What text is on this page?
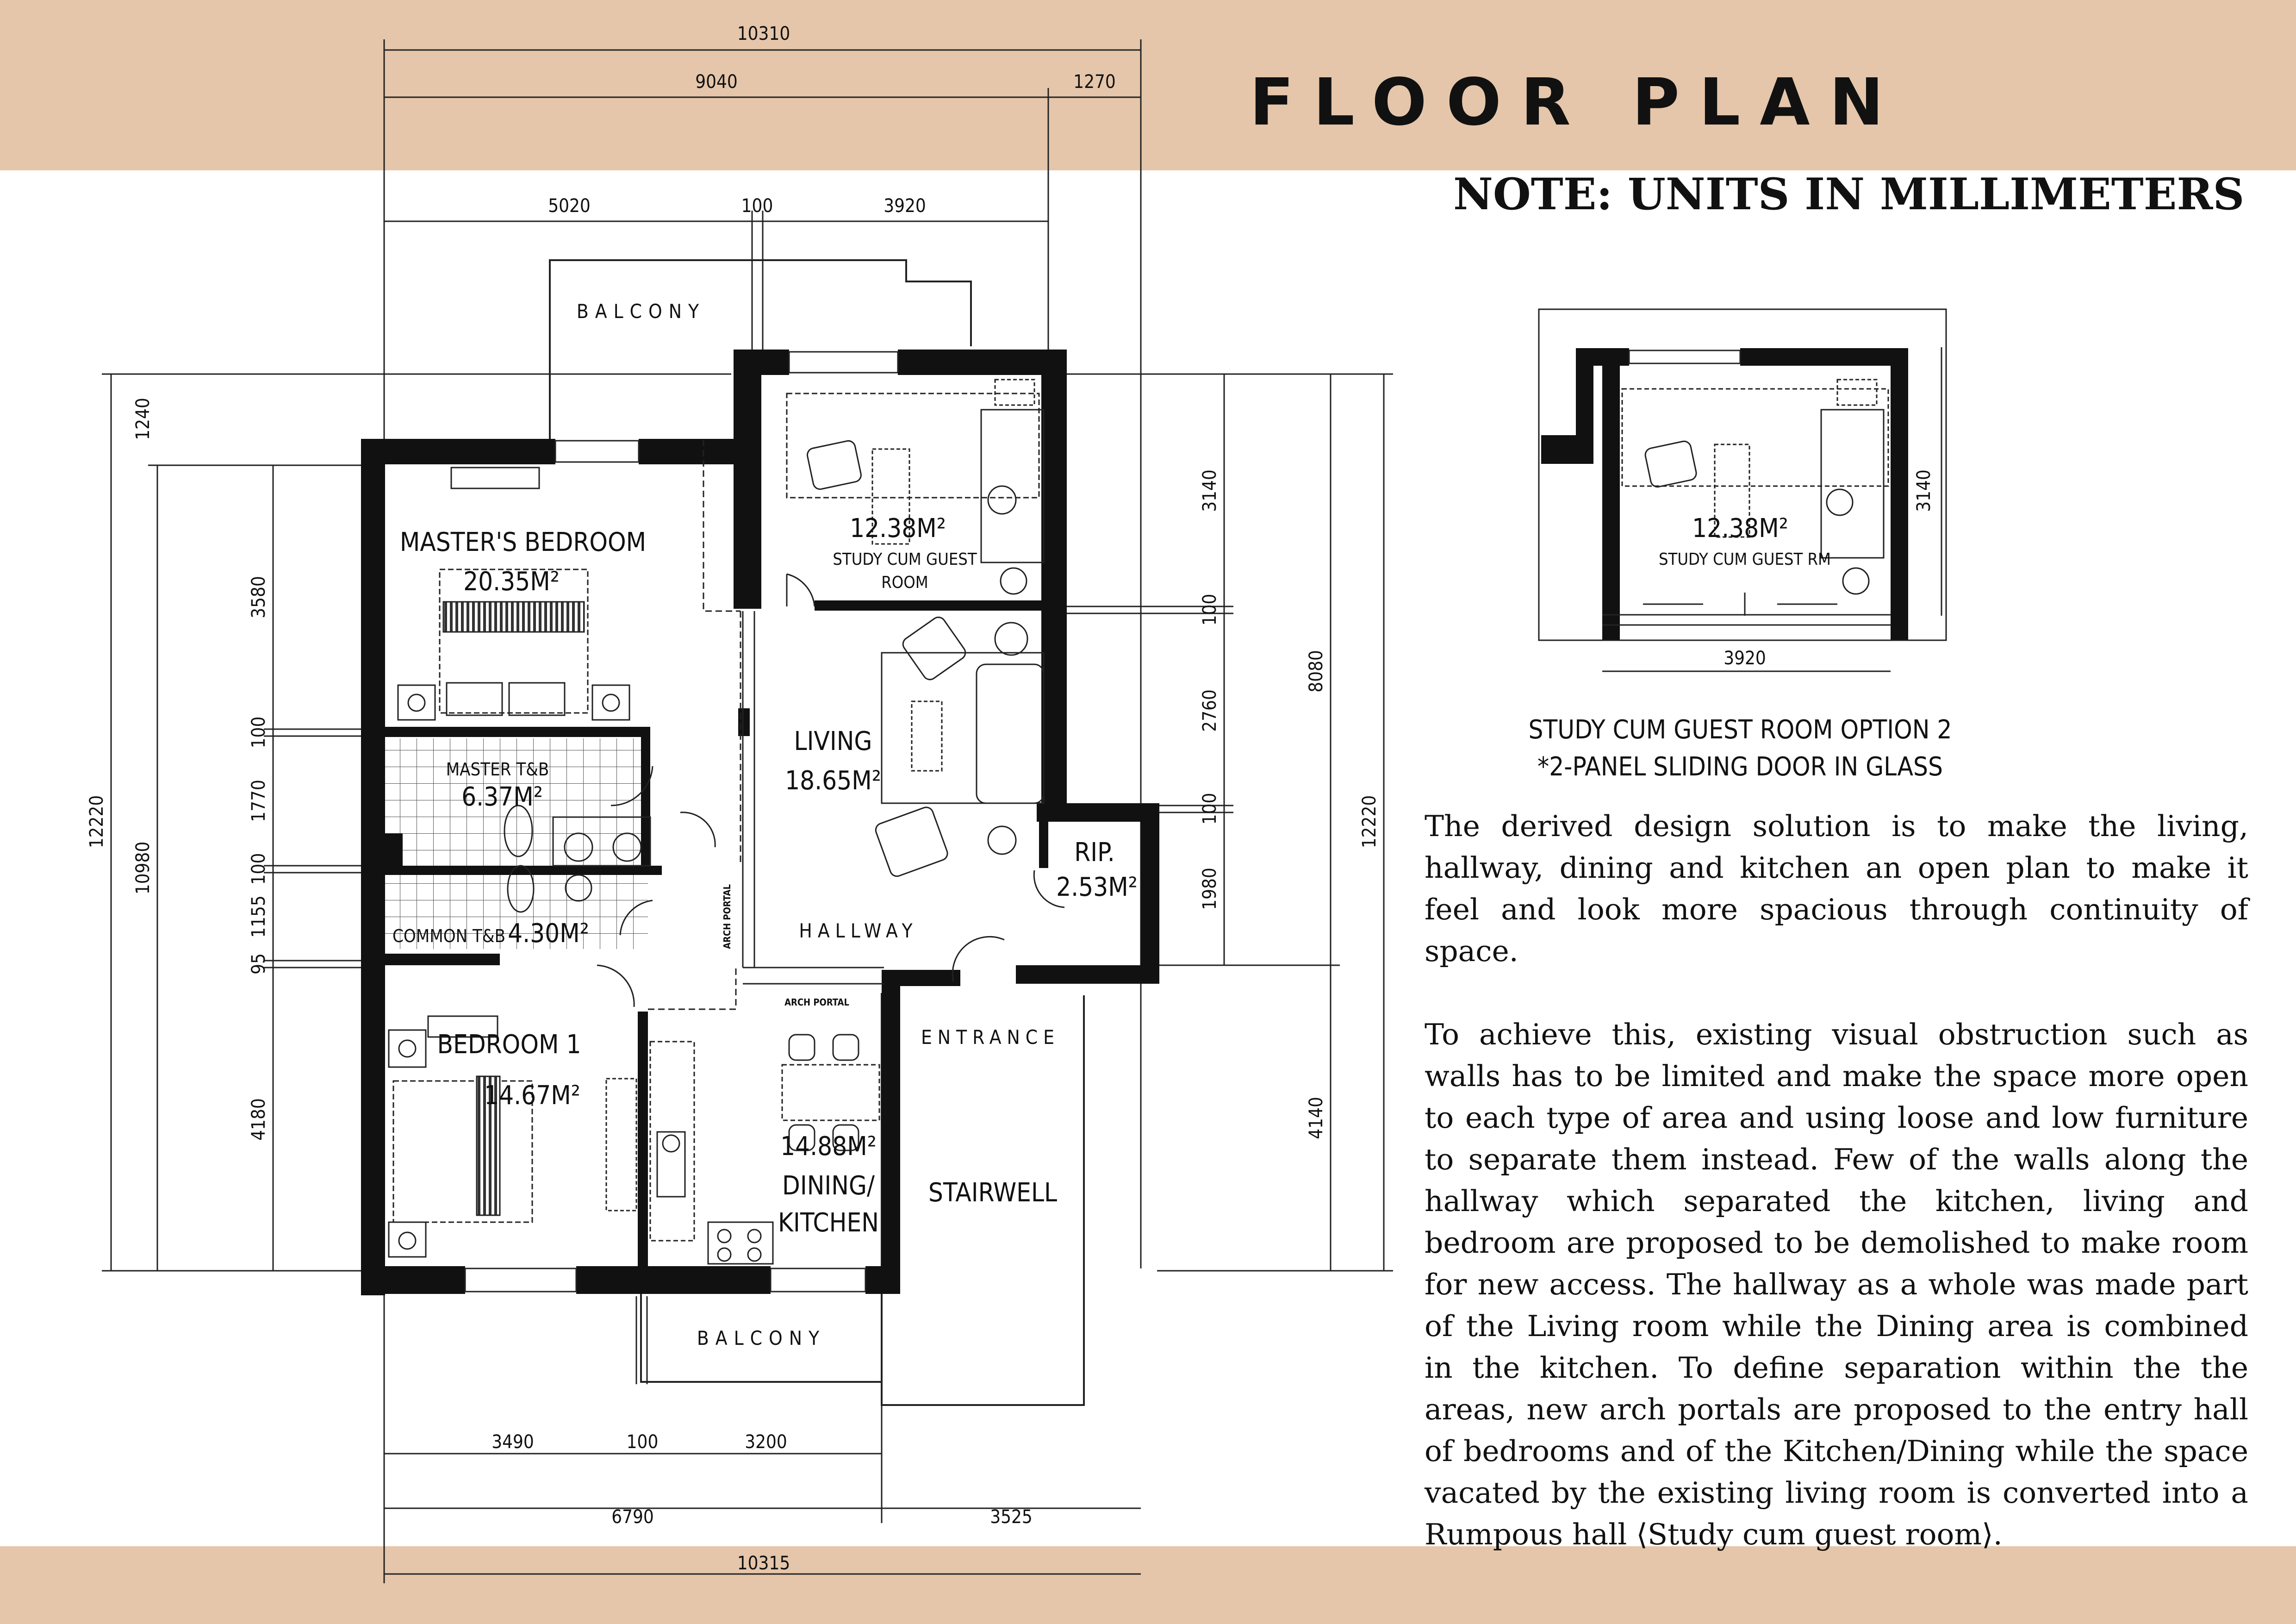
FLOOR PLAN
NOTE: UNITS IN MILLIMETERS
10310
9040	1270
5020	100	3920
3490	100	3200
6790	3525
10315
12220
10980
1240
3580
100
1770
100
1155
95
4180
3140
100
2760
100
1980
8080
4140
12220
BALCONY
MASTER'S BEDROOM
20.35M²
12.38M²
STUDY CUM GUEST
ROOM
MASTER T&B
6.37M²
COMMON T&B 4.30M²
LIVING
18.65M²
RIP.
2.53M²
HALLWAY
ARCH PORTAL
ARCH PORTAL
ENTRANCE
BEDROOM 1
14.67M²
14.88M²
DINING/
KITCHEN
STAIRWELL
BALCONY
12.38M²
STUDY CUM GUEST RM
3140
3920
STUDY CUM GUEST ROOM OPTION 2
*2-PANEL SLIDING DOOR IN GLASS

The derived design solution is to make the living, hallway, dining and kitchen an open plan to make it feel and look more spacious through continuity of space.

To achieve this, existing visual obstruction such as walls has to be limited and make the space more open to each type of area and using loose and low furniture to separate them instead. Few of the walls along the hallway which separated the kitchen, living and bedroom are proposed to be demolished to make room for new access. The hallway as a whole was made part of the Living room while the Dining area is combined in the kitchen. To define separation within the the areas, new arch portals are proposed to the entry hall of bedrooms and of the Kitchen/Dining while the space vacated by the existing living room is converted into a Rumpous hall ⟨Study cum guest room⟩.
